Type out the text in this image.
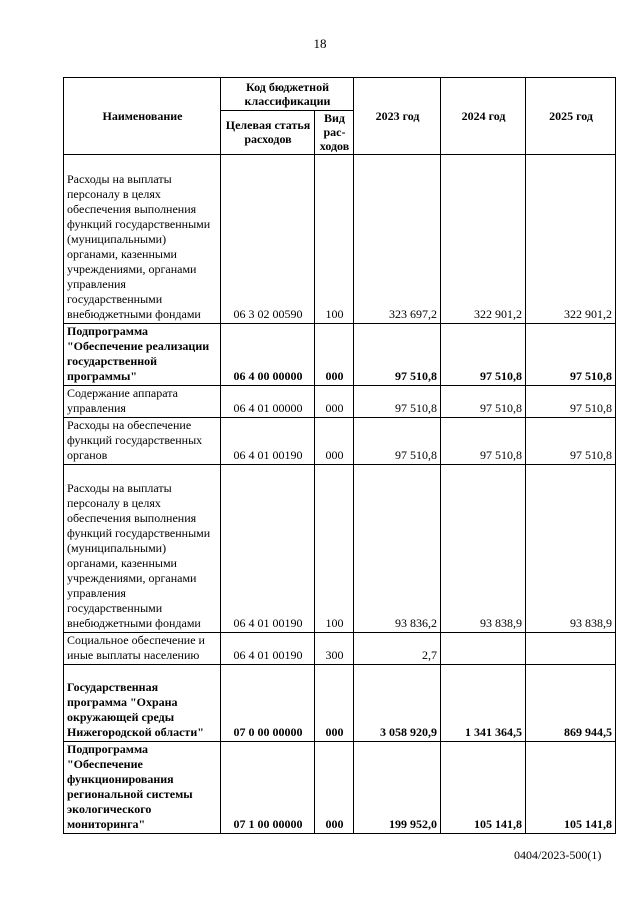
18
Наименование	Код бюджетной классификации		2023 год	2024 год	2025 год
	Целевая статья расходов	Вид рас-ходов			
Расходы на выплаты персоналу в целях обеспечения выполнения функций государственными (муниципальными) органами, казенными учреждениями, органами управления государственными внебюджетными фондами	06 3 02 00590	100	323 697,2	322 901,2	322 901,2
Подпрограмма "Обеспечение реализации государственной программы"	06 4 00 00000	000	97 510,8	97 510,8	97 510,8
Содержание аппарата управления	06 4 01 00000	000	97 510,8	97 510,8	97 510,8
Расходы на обеспечение функций государственных органов	06 4 01 00190	000	97 510,8	97 510,8	97 510,8
Расходы на выплаты персоналу в целях обеспечения выполнения функций государственными (муниципальными) органами, казенными учреждениями, органами управления государственными внебюджетными фондами	06 4 01 00190	100	93 836,2	93 838,9	93 838,9
Социальное обеспечение и иные выплаты населению	06 4 01 00190	300	2,7		
Государственная программа "Охрана окружающей среды Нижегородской области"	07 0 00 00000	000	3 058 920,9	1 341 364,5	869 944,5
Подпрограмма "Обеспечение функционирования региональной системы экологического мониторинга"	07 1 00 00000	000	199 952,0	105 141,8	105 141,8
0404/2023-500(1)
